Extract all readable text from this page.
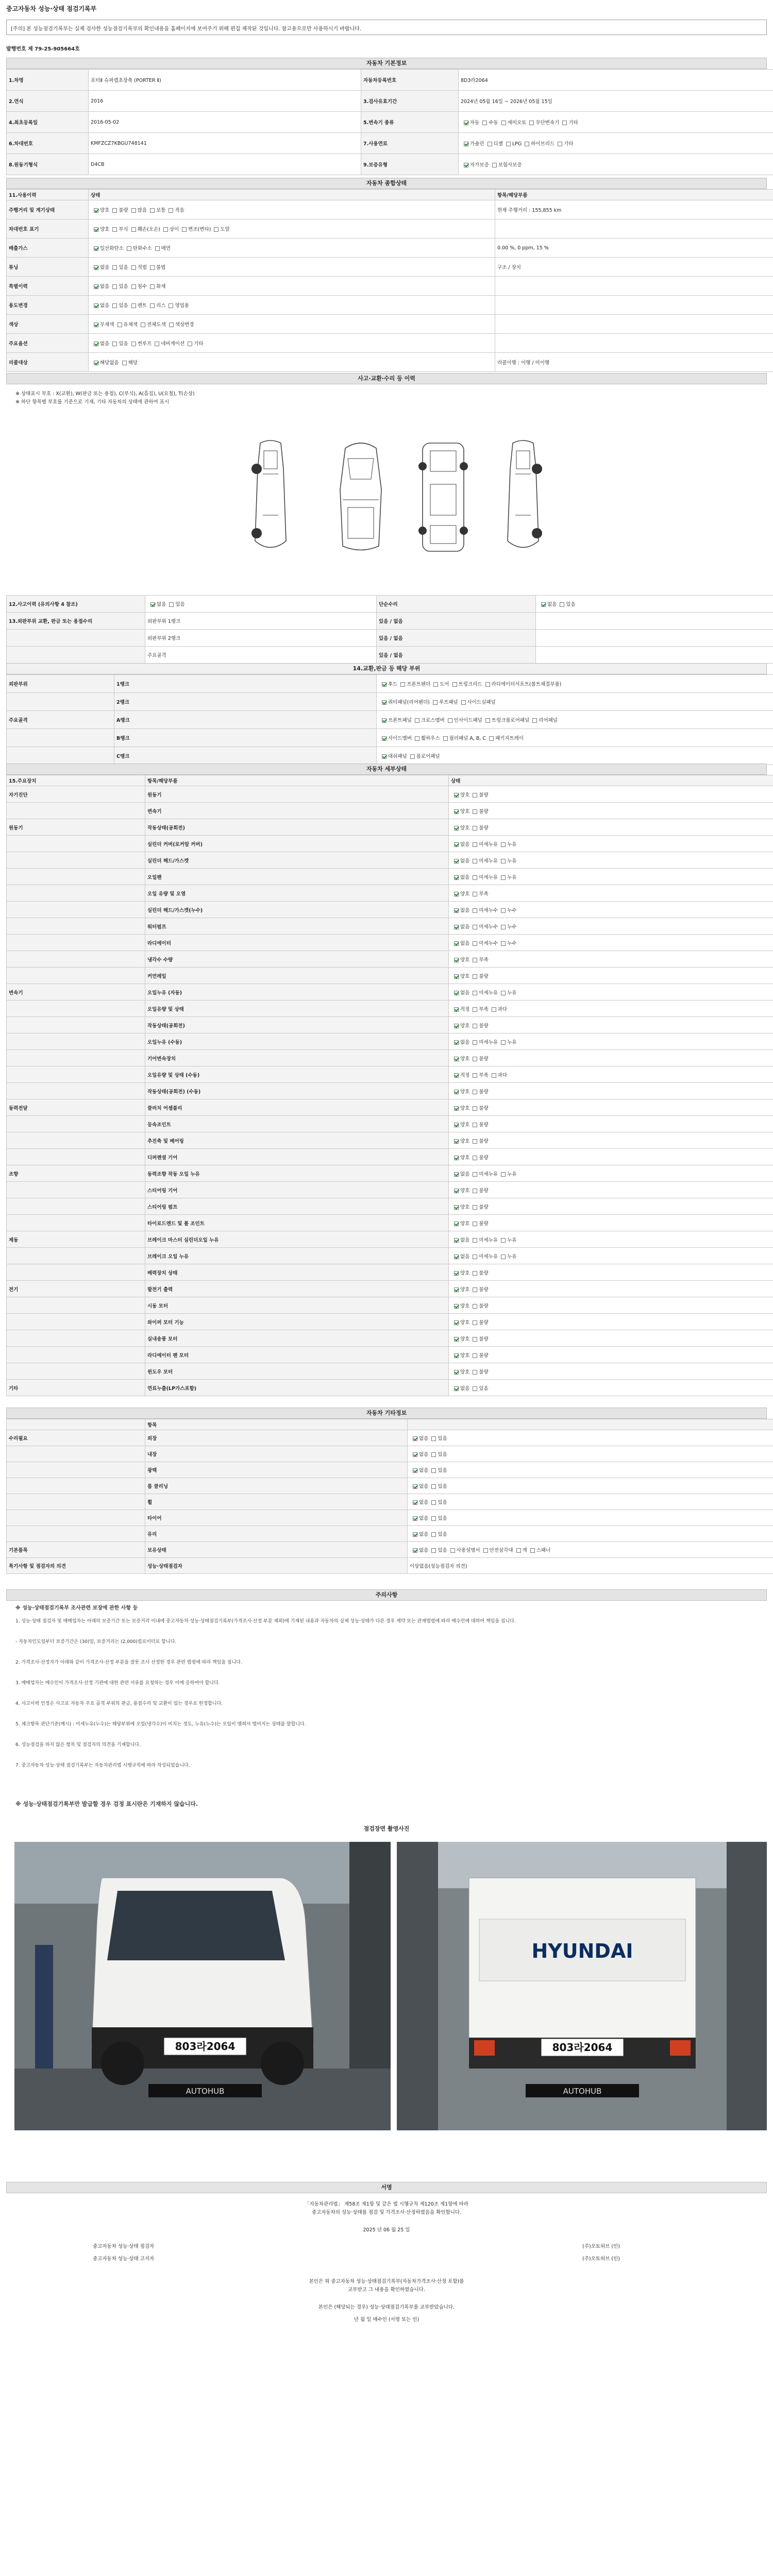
중고자동차 성능·상태 점검기록부
[주의] 본 성능점검기록부는 실제 검사한 성능점검기록부의 확인내용을 홈페이지에 보여주기 위해 편집 제작된 것입니다. 참고용으로만 사용하시기 바랍니다.
발행번호 제 79-25-905664호
자동차 기본정보
1.차명	포터Ⅱ 슈퍼캡초장축 (PORTER Ⅱ)	자동차등록번호	8D3라2064
2.연식	2016	3.검사유효기간	2024년 05월 16일 ~ 2026년 05월 15일
4.최초등록일	2016-05-02	5.변속기 종류	자동 수동 세미오토 무단변속기 기타
6.차대번호	KMFZCZ7KBGU748141	7.사용연료	가솔린 디젤 LPG 하이브리드 기타
8.원동기형식	D4CB	9.보증유형	자가보증 보험사보증
자동차 종합상태
11.사용이력	상태	항목/해당부품
주행거리 및 계기상태	양호 불량 많음 보통 적음	현재 주행거리 : 155,855 km
차대번호 표기	양호 부식 훼손(오손) 상이 변조(변타) 도말	
배출가스	일산화탄소 탄화수소 매연	0.00 %, 0 ppm, 15 %
튜닝	없음 있음 적법 불법	구조 / 장치
특별이력	없음 있음 침수 화재	
용도변경	없음 있음 렌트 리스 영업용	
색상	무채색 유채색 전체도색 색상변경	
주요옵션	없음 있음 썬루프 네비게이션 기타	
리콜대상	해당없음 해당	리콜이행 : 이행 / 미이행
사고·교환·수리 등 이력
※ 상태표시 부호 : X(교환), W(판금 또는 용접), C(부식), A(흠집), U(요철), T(손상)
※ 하단 항목별 부호를 기준으로 기재, 기타 자동차의 상태에 관하여 표시
12.사고이력 (유의사항 4 참조)	없음 있음	단순수리	없음 있음
13.외판부위 교환, 판금 또는 용접수리	외판부위 1랭크	있음 / 없음	
	외판부위 2랭크	있음 / 없음	
	주요골격	있음 / 없음	
14.교환,판금 등 해당 부위
외판부위	1랭크	후드 프론트펜더 도어 트렁크리드 라디에이터서포트(볼트체결부품)
	2랭크	쿼터패널(리어펜더) 루프패널 사이드실패널
주요골격	A랭크	프론트패널 크로스멤버 인사이드패널 트렁크플로어패널 리어패널
	B랭크	사이드멤버 휠하우스 필러패널 A, B, C 패키지트레이
	C랭크	대쉬패널 플로어패널
자동차 세부상태
15.주요장치	항목/해당부품	상태
자기진단	원동기	양호 불량
	변속기	양호 불량
원동기	작동상태(공회전)	양호 불량
	실린더 커버(로커암 커버)	없음 미세누유 누유
	실린더 헤드/가스켓	없음 미세누유 누유
	오일팬	없음 미세누유 누유
	오일 유량 및 오염	양호 부족
	실린더 헤드/가스켓(누수)	없음 미세누수 누수
	워터펌프	없음 미세누수 누수
	라디에이터	없음 미세누수 누수
	냉각수 수량	양호 부족
	커먼레일	양호 불량
변속기	오일누유 (자동)	없음 미세누유 누유
	오일유량 및 상태	적정 부족 과다
	작동상태(공회전)	양호 불량
	오일누유 (수동)	없음 미세누유 누유
	기어변속장치	양호 불량
	오일유량 및 상태 (수동)	적정 부족 과다
	작동상태(공회전) (수동)	양호 불량
동력전달	클러치 어셈블리	양호 불량
	등속조인트	양호 불량
	추진축 및 베어링	양호 불량
	디퍼렌셜 기어	양호 불량
조향	동력조향 작동 오일 누유	없음 미세누유 누유
	스티어링 기어	양호 불량
	스티어링 펌프	양호 불량
	타이로드엔드 및 볼 조인트	양호 불량
제동	브레이크 마스터 실린더오일 누유	없음 미세누유 누유
	브레이크 오일 누유	없음 미세누유 누유
	배력장치 상태	양호 불량
전기	발전기 출력	양호 불량
	시동 모터	양호 불량
	와이퍼 모터 기능	양호 불량
	실내송풍 모터	양호 불량
	라디에이터 팬 모터	양호 불량
	윈도우 모터	양호 불량
기타	연료누출(LP가스포함)	없음 있음
자동차 기타정보
	항목	
수리필요	외장	없음 있음
	내장	없음 있음
	광택	없음 있음
	룸 클리닝	없음 있음
	휠	없음 있음
	타이어	없음 있음
	유리	없음 있음
기본품목	보유상태	없음 있음 사용설명서 안전삼각대 잭 스패너
특기사항 및 점검자의 의견	성능·상태점검자	이상없음(성능점검자 의견)
주의사항
※ 성능·상태점검기록부 조사관련 보장에 관한 사항 등
1. 성능·상태 점검자 및 매매업자는 아래의 보증기간 또는 보증거리 이내에 중고자동차 성능·상태점검기록부(가격조사·산정 부분 제외)에 기재된 내용과 자동차의 실제 성능·상태가 다른 경우 계약 또는 관계법령에 따라 매수인에 대하여 책임을 집니다.
- 자동차인도일부터 보증기간은 (30)일, 보증거리는 (2,000)킬로미터로 합니다.
2. 가격조사·산정자가 아래와 같이 가격조사·산정 부분을 잘못 조사 산정한 경우 관련 법령에 따라 책임을 집니다.
3. 매매업자는 매수인이 가격조사·산정 기관에 대한 관련 서류를 요청하는 경우 이에 응하여야 합니다.
4. 사고이력 인정은 사고로 자동차 주요 골격 부위의 판금, 용접수리 및 교환이 있는 경우로 한정합니다.
5. 체크항목 판단기준(예시) : 미세누유(누수)는 해당부위에 오일(냉각수)이 비치는 정도, 누유(누수)는 오일이 맺혀서 떨어지는 상태를 말합니다.
6. 성능점검을 하지 않은 항목 및 점검자의 의견을 기재합니다.
7. 중고자동차 성능·상태 점검기록부는 자동차관리법 시행규칙에 따라 작성되었습니다.
※ 성능·상태점검기록부만 발급할 경우 검정 표시란은 기재하지 않습니다.
점검장면 촬영사진
803라2064
AUTOHUB
HYUNDAI
803라2064
AUTOHUB
서명
「자동차관리법」 제58조 제1항 및 같은 법 시행규칙 제120조 제1항에 따라
중고자동차의 성능·상태를 점검 및 가격조사·산정하였음을 확인합니다.
2025 년 06 월 25 일
중고자동차 성능·상태 점검자	(주)오토허브 (인)
중고자동차 성능·상태 고지자	(주)오토허브 (인)
본인은 위 중고자동차 성능·상태점검기록부(자동차가격조사·산정 포함)를
교부받고 그 내용을 확인하였습니다.
본인은 (해당되는 경우) 성능·상태점검기록부를 교부받았습니다.
년 월 일 매수인 (서명 또는 인)
